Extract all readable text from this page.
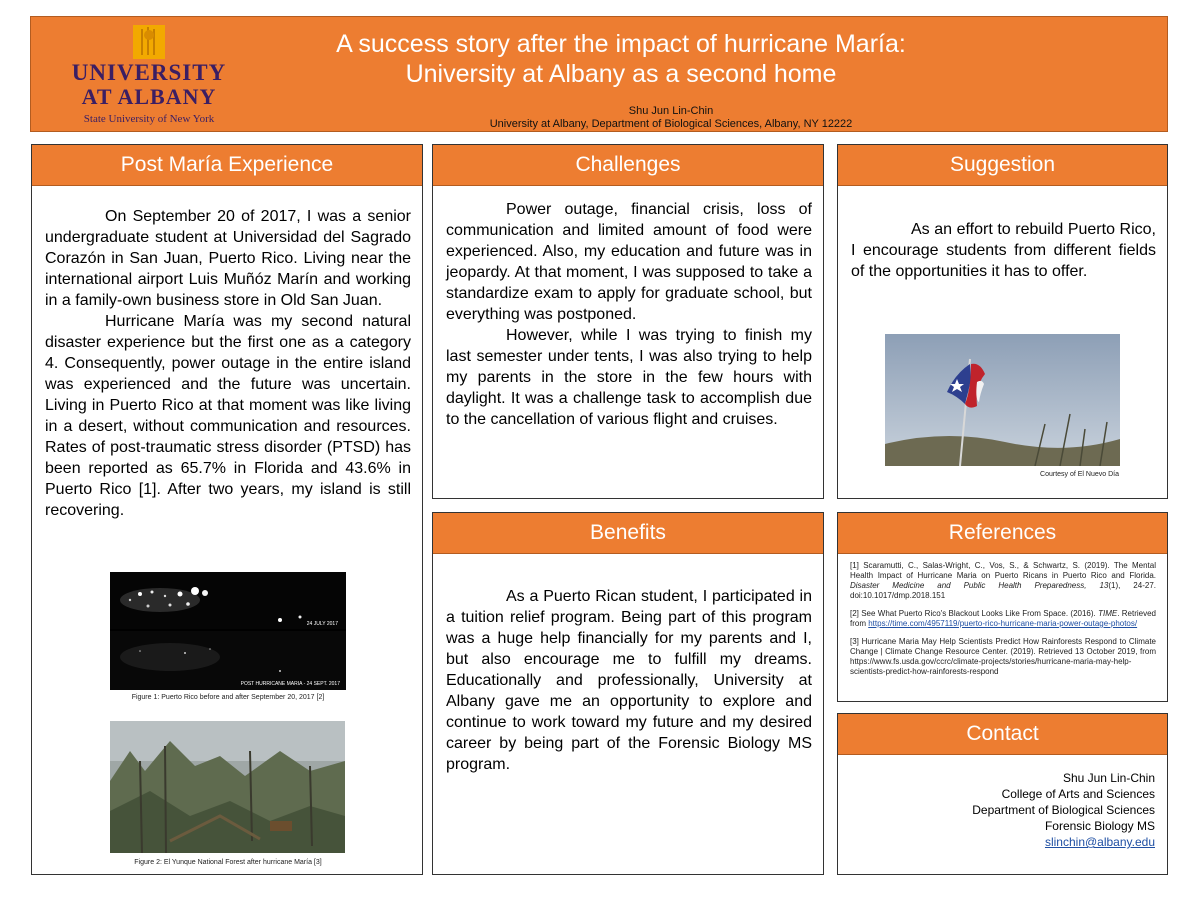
UNIVERSITY
AT ALBANY
State University of New York
A success story after the impact of hurricane María:
University at Albany as a second home
Shu Jun Lin-Chin
University at Albany, Department of Biological Sciences, Albany, NY 12222
Post María Experience

On September 20 of 2017, I was a senior undergraduate student at Universidad del Sagrado Corazón in San Juan, Puerto Rico. Living near the international airport Luis Muñóz Marín and working in a family-own business store in Old San Juan.

Hurricane María was my second natural disaster experience but the first one as a category 4. Consequently, power outage in the entire island was experienced and the future was uncertain. Living in Puerto Rico at that moment was like living in a desert, without communication and resources. Rates of post-traumatic stress disorder (PTSD) has been reported as 65.7% in Florida and 43.6% in Puerto Rico [1]. After two years, my island is still recovering.

24 JULY 2017
POST HURRICANE MARIA - 24 SEPT. 2017
Figure 1: Puerto Rico before and after September 20, 2017 [2]
Figure 2: El Yunque National Forest after hurricane María [3]
Challenges

Power outage, financial crisis, loss of communication and limited amount of food were experienced. Also, my education and future was in jeopardy. At that moment, I was supposed to take a standardize exam to apply for graduate school, but everything was postponed.

However, while I was trying to finish my last semester under tents, I was also trying to help my parents in the store in the few hours with daylight. It was a challenge task to accomplish due to the cancellation of various flight and cruises.

Benefits

As a Puerto Rican student, I participated in a tuition relief program. Being part of this program was a huge help financially for my parents and I, but also encourage me to fulfill my dreams. Educationally and professionally, University at Albany gave me an opportunity to explore and continue to work toward my future and my desired career by being part of the Forensic Biology MS program.

Suggestion

As an effort to rebuild Puerto Rico, I encourage students from different fields of the opportunities it has to offer.

Courtesy of El Nuevo Día
References

[1] Scaramutti, C., Salas-Wright, C., Vos, S., & Schwartz, S. (2019). The Mental Health Impact of Hurricane Maria on Puerto Ricans in Puerto Rico and Florida. Disaster Medicine and Public Health Preparedness, 13(1), 24-27. doi:10.1017/dmp.2018.151

[2] See What Puerto Rico's Blackout Looks Like From Space. (2016). TIME. Retrieved from https://time.com/4957119/puerto-rico-hurricane-maria-power-outage-photos/

[3] Hurricane Maria May Help Scientists Predict How Rainforests Respond to Climate Change | Climate Change Resource Center. (2019). Retrieved 13 October 2019, from https://www.fs.usda.gov/ccrc/climate-projects/stories/hurricane-maria-may-help-scientists-predict-how-rainforests-respond

Contact
Shu Jun Lin-Chin
College of Arts and Sciences
Department of Biological Sciences
Forensic Biology MS
slinchin@albany.edu
